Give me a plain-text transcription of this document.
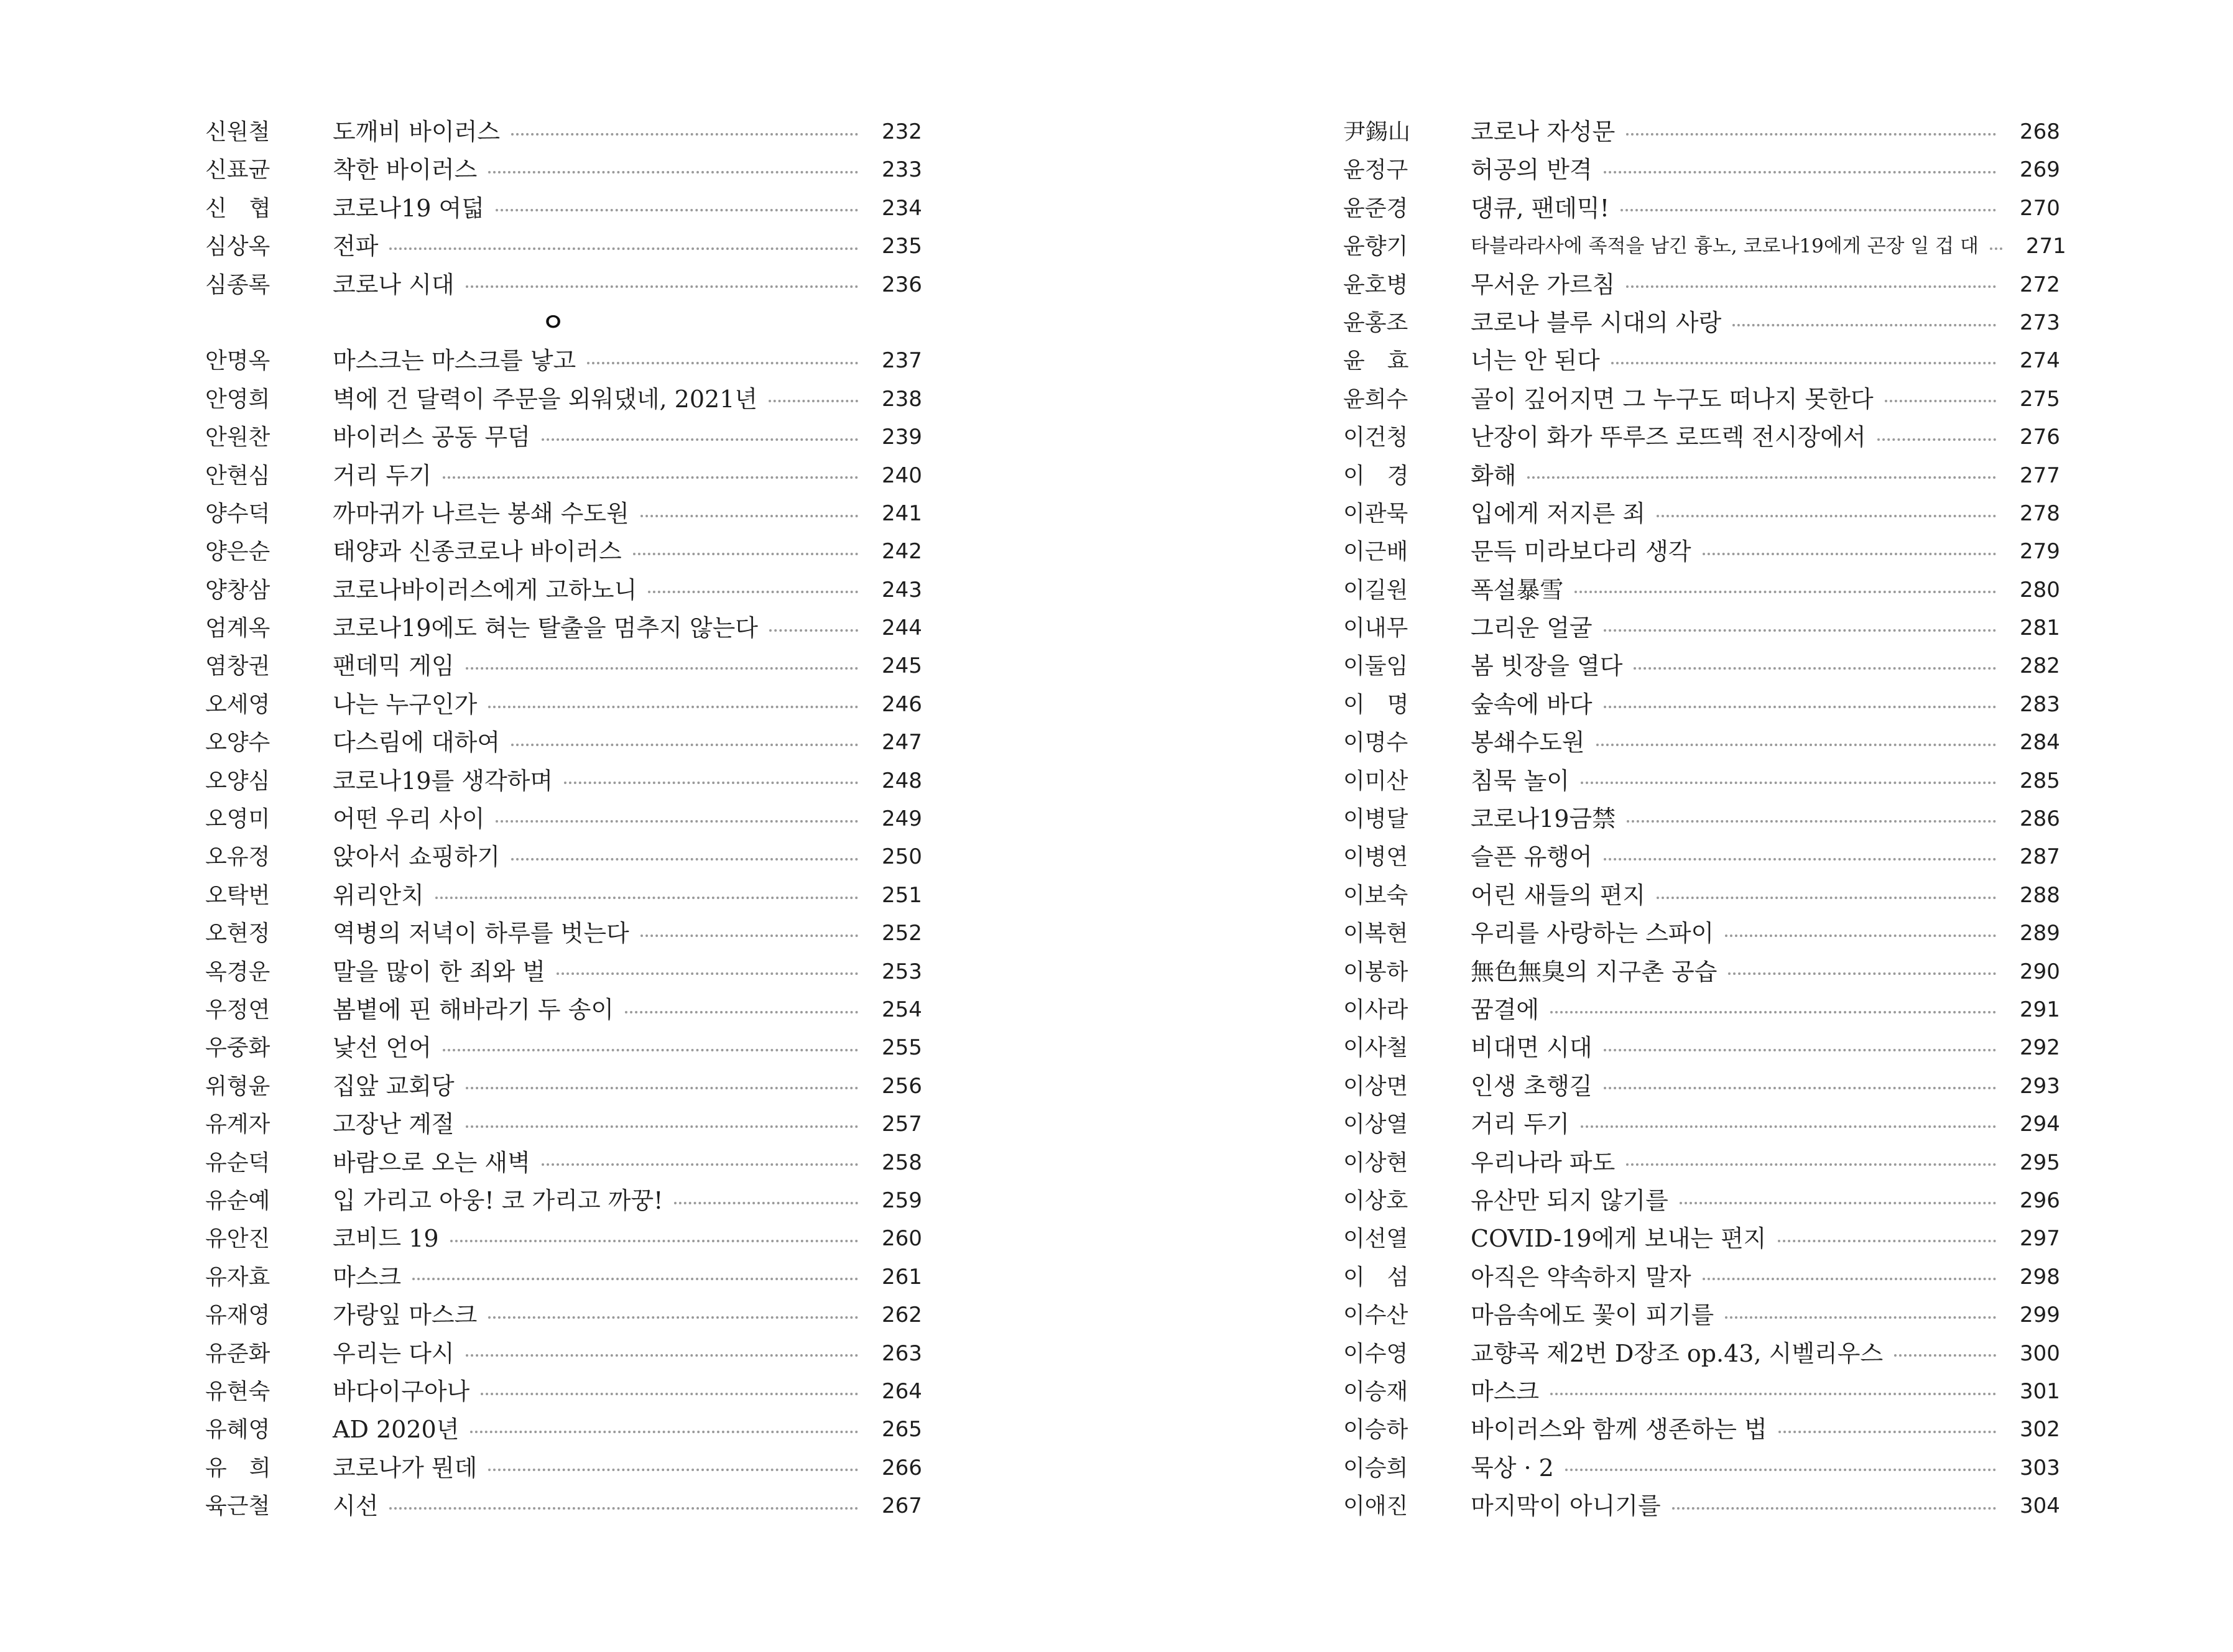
신원철	도깨비 바이러스	232
신표균	착한 바이러스	233
신　협	코로나19 여덟	234
심상옥	전파	235
심종록	코로나 시대	236
ㅇ
안명옥	마스크는 마스크를 낳고	237
안영희	벽에 건 달력이 주문을 외워댔네, 2021년	238
안원찬	바이러스 공동 무덤	239
안현심	거리 두기	240
양수덕	까마귀가 나르는 봉쇄 수도원	241
양은순	태양과 신종코로나 바이러스	242
양창삼	코로나바이러스에게 고하노니	243
엄계옥	코로나19에도 혀는 탈출을 멈추지 않는다	244
염창권	팬데믹 게임	245
오세영	나는 누구인가	246
오양수	다스림에 대하여	247
오양심	코로나19를 생각하며	248
오영미	어떤 우리 사이	249
오유정	앉아서 쇼핑하기	250
오탁번	위리안치	251
오현정	역병의 저녁이 하루를 벗는다	252
옥경운	말을 많이 한 죄와 벌	253
우정연	봄볕에 핀 해바라기 두 송이	254
우중화	낯선 언어	255
위형윤	집앞 교회당	256
유계자	고장난 계절	257
유순덕	바람으로 오는 새벽	258
유순예	입 가리고 아웅! 코 가리고 까꿍!	259
유안진	코비드 19	260
유자효	마스크	261
유재영	가랑잎 마스크	262
유준화	우리는 다시	263
유현숙	바다이구아나	264
유혜영	AD 2020년	265
유　희	코로나가 뭔데	266
육근철	시선	267
尹錫山	코로나 자성문	268
윤정구	허공의 반격	269
윤준경	댕큐, 팬데믹!	270
윤향기	타블라라사에 족적을 남긴 흉노, 코로나19에게 곤장 일 겁 대	271
윤호병	무서운 가르침	272
윤홍조	코로나 블루 시대의 사랑	273
윤　효	너는 안 된다	274
윤희수	골이 깊어지면 그 누구도 떠나지 못한다	275
이건청	난장이 화가 뚜루즈 로뜨렉 전시장에서	276
이　경	화해	277
이관묵	입에게 저지른 죄	278
이근배	문득 미라보다리 생각	279
이길원	폭설暴雪	280
이내무	그리운 얼굴	281
이둘임	봄 빗장을 열다	282
이　명	숲속에 바다	283
이명수	봉쇄수도원	284
이미산	침묵 놀이	285
이병달	코로나19금禁	286
이병연	슬픈 유행어	287
이보숙	어린 새들의 편지	288
이복현	우리를 사랑하는 스파이	289
이봉하	無色無臭의 지구촌 공습	290
이사라	꿈결에	291
이사철	비대면 시대	292
이상면	인생 초행길	293
이상열	거리 두기	294
이상현	우리나라 파도	295
이상호	유산만 되지 않기를	296
이선열	COVID-19에게 보내는 편지	297
이　섬	아직은 약속하지 말자	298
이수산	마음속에도 꽃이 피기를	299
이수영	교향곡 제2번 D장조 op.43, 시벨리우스	300
이승재	마스크	301
이승하	바이러스와 함께 생존하는 법	302
이승희	묵상 · 2	303
이애진	마지막이 아니기를	304
